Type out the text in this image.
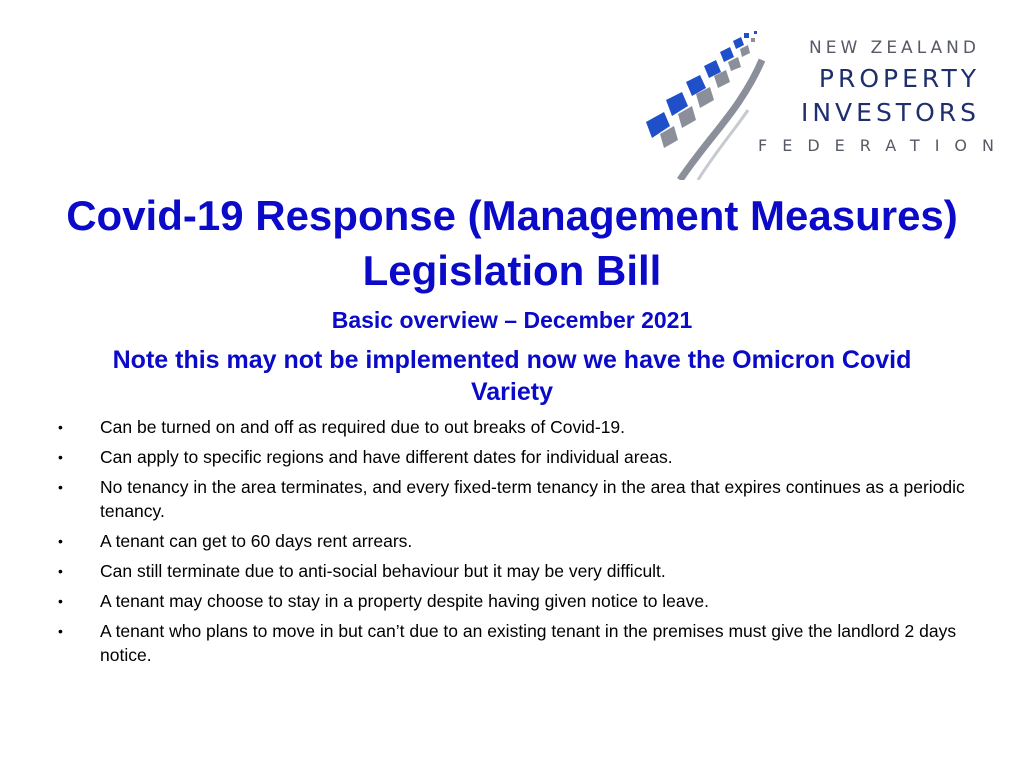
NEW ZEALAND
PROPERTY
INVESTORS
FEDERATION
Covid-19 Response (Management Measures) Legislation Bill
Basic overview – December 2021
Note this may not be implemented now we have the Omicron Covid Variety
•	Can be turned on and off as required due to out breaks of Covid-19.
•	Can apply to specific regions and have different dates for individual areas.
•	No tenancy in the area terminates, and every fixed-term tenancy in the area that expires continues as a periodic tenancy.
•	A tenant can get to 60 days rent arrears.
•	Can still terminate due to anti-social behaviour but it may be very difficult.
•	A tenant may choose to stay in a property despite having given notice to leave.
•	A tenant who plans to move in but can’t due to an existing tenant in the premises must give the landlord 2 days notice.
